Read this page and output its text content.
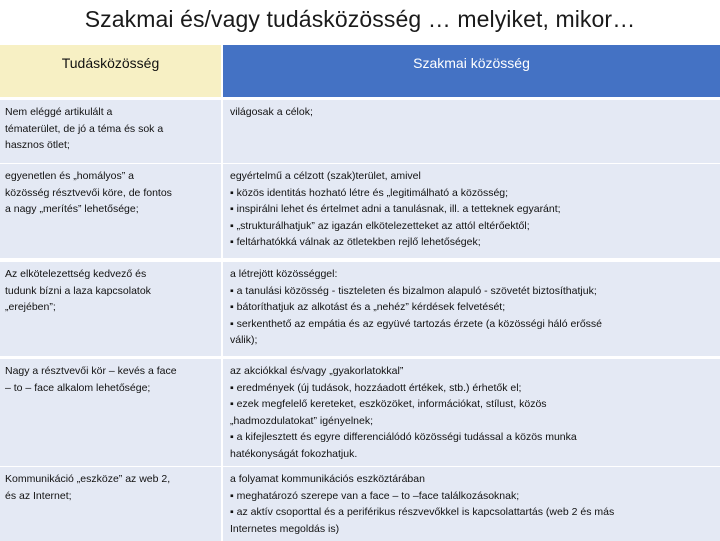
Szakmai és/vagy tudásközösség … melyiket, mikor…
Tudásközösség	Szakmai közösség
Nem eléggé artikulált a
tématerület, de jó a téma és sok a
hasznos ötlet;
világosak a célok;
egyenetlen és „homályos” a
közösség résztvevői köre, de fontos
a nagy „merítés” lehetősége;
egyértelmű a célzott (szak)terület, amivel
▪ közös identitás hozható létre és „legitimálható a közösség;
▪ inspirálni lehet és értelmet adni a tanulásnak, ill. a tetteknek egyaránt;
▪ „strukturálhatjuk” az igazán elkötelezetteket az attól eltérőektől;
▪ feltárhatókká válnak az ötletekben rejlő lehetőségek;
Az elkötelezettség kedvező és
tudunk bízni a laza kapcsolatok
„erejében”;
a létrejött közösséggel:
▪ a tanulási közösség - tiszteleten és bizalmon alapuló - szövetét biztosíthatjuk;
▪ bátoríthatjuk az alkotást és a „nehéz” kérdések felvetését;
▪ serkenthető az empátia és az együvé tartozás érzete (a közösségi háló erőssé
válik);
Nagy a résztvevői kör – kevés a face
– to – face alkalom lehetősége;
az akciókkal és/vagy „gyakorlatokkal”
▪ eredmények (új tudások, hozzáadott értékek, stb.) érhetők el;
▪ ezek megfelelő kereteket, eszközöket, információkat, stílust, közös
„hadmozdulatokat” igényelnek;
▪ a kifejlesztett és egyre differenciálódó közösségi tudással a közös munka
hatékonyságát fokozhatjuk.
Kommunikáció „eszköze” az web 2,
és az Internet;
a folyamat kommunikációs eszköztárában
▪ meghatározó szerepe van a face – to –face találkozásoknak;
▪ az aktív csoporttal és a periférikus részvevőkkel is kapcsolattartás (web 2 és más
Internetes megoldás is)
